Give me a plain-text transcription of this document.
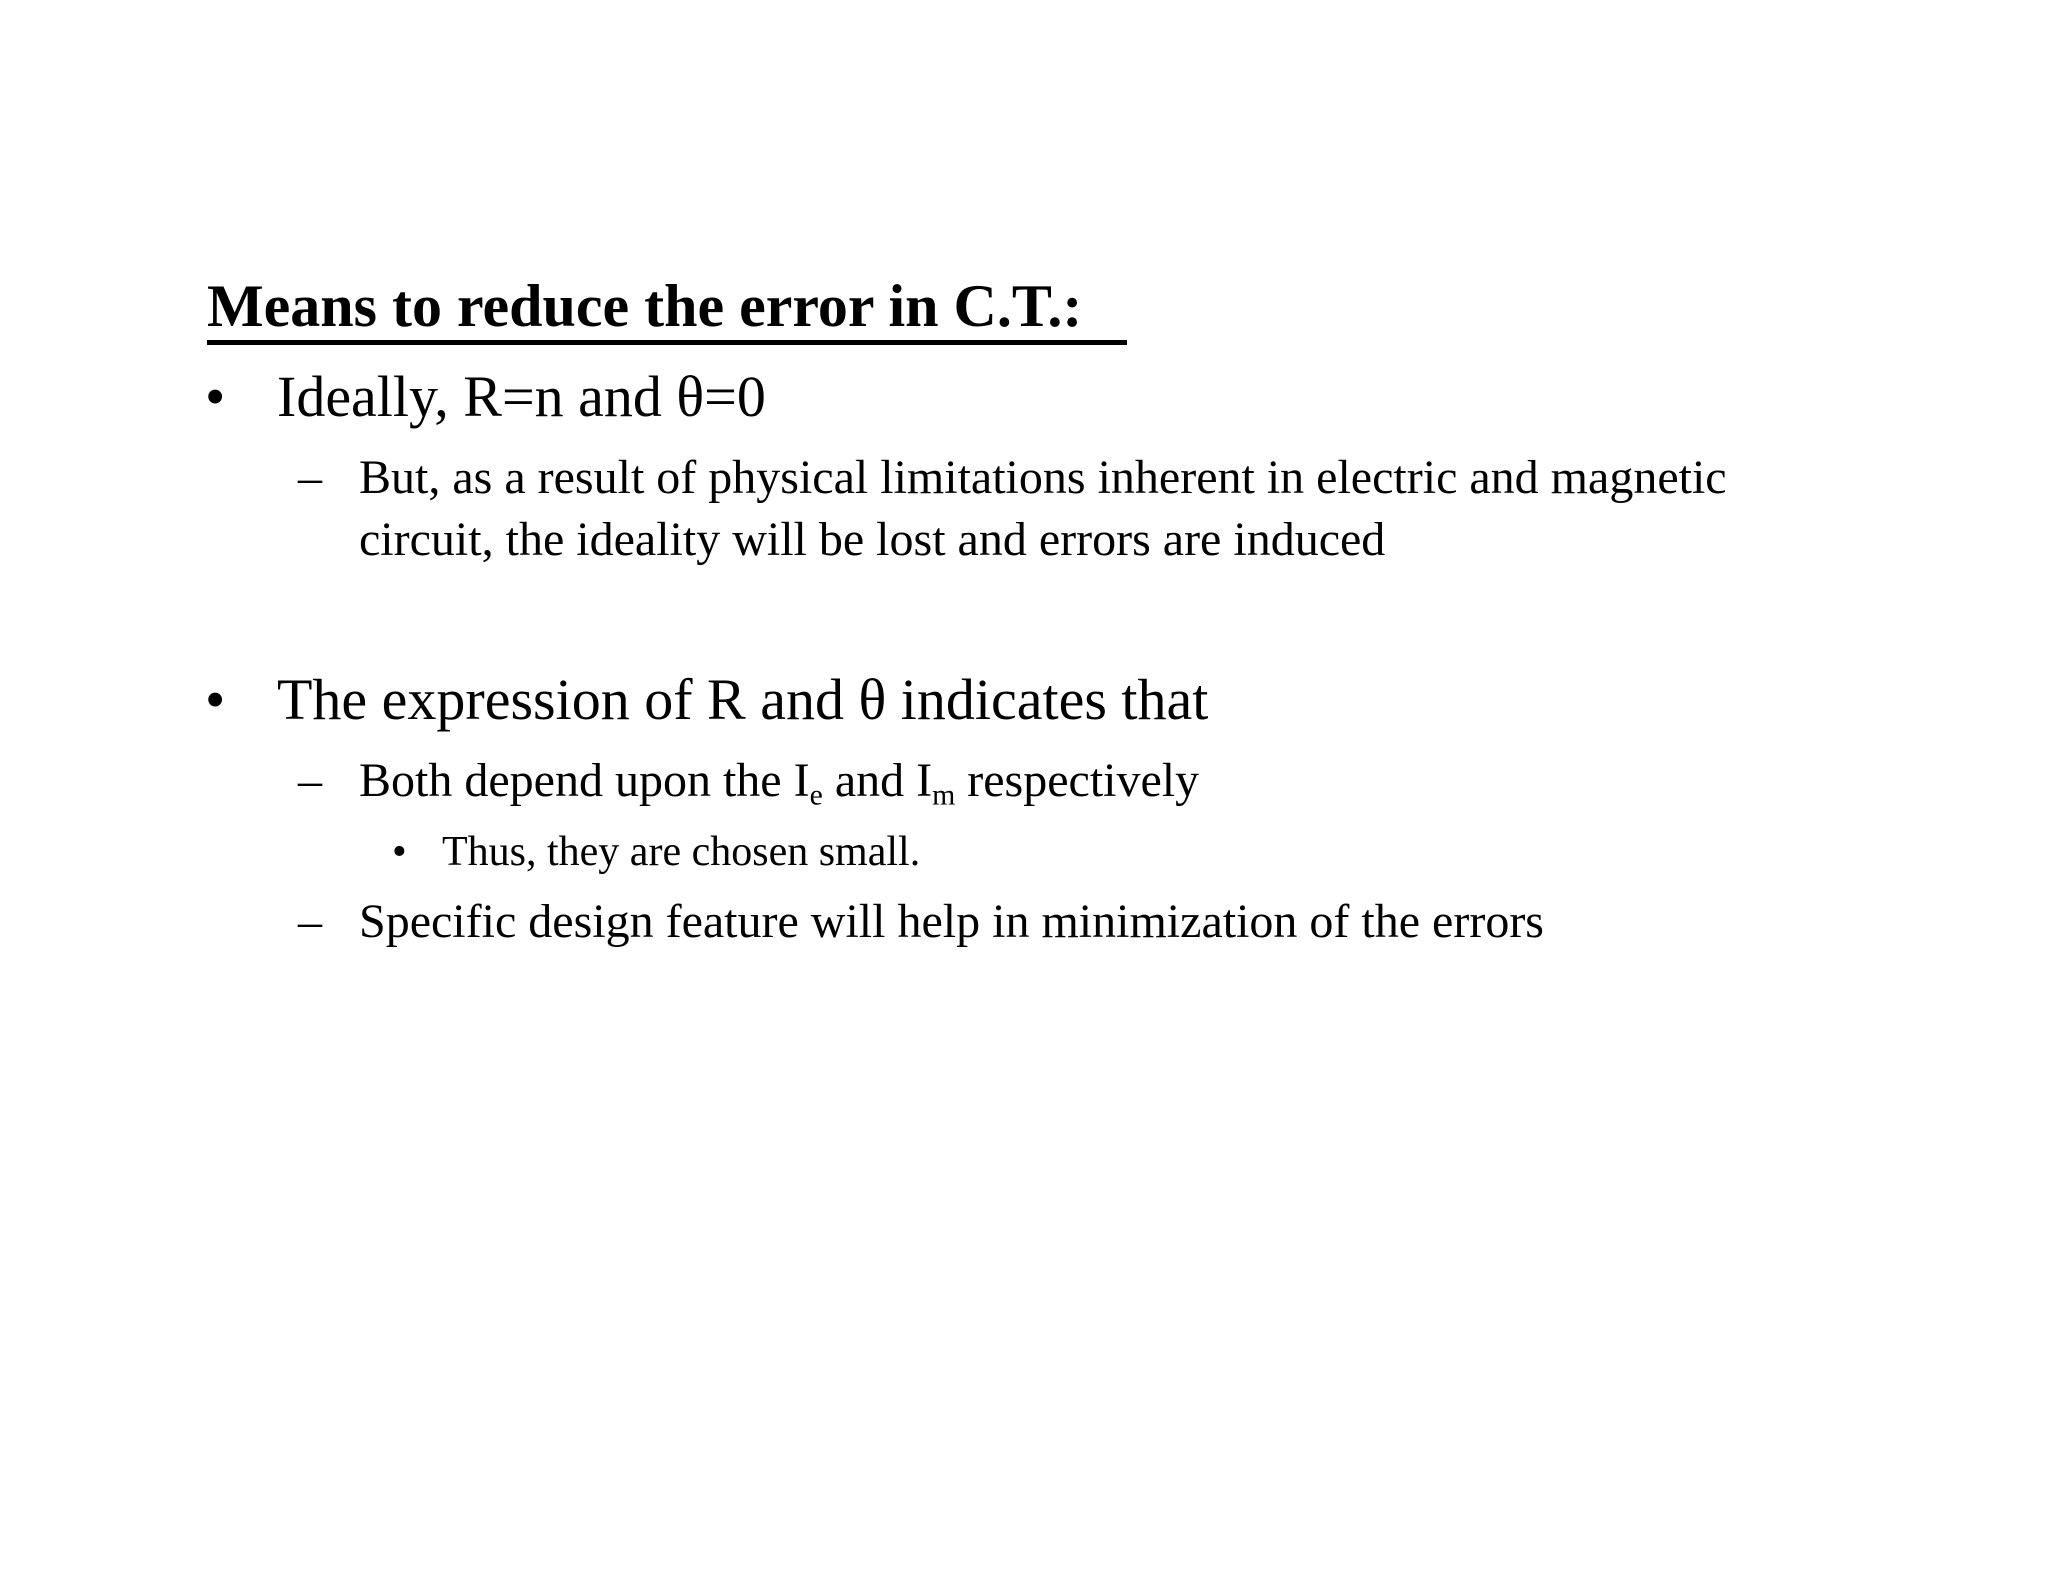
Means to reduce the error in C.T.:
• Ideally, R=n and θ=0
– But, as a result of physical limitations inherent in electric and magnetic
circuit, the ideality will be lost and errors are induced
• The expression of R and θ indicates that
– Both depend upon the $I_e$ and $I_m$ respectively
• Thus, they are chosen small.
– Specific design feature will help in minimization of the errors
